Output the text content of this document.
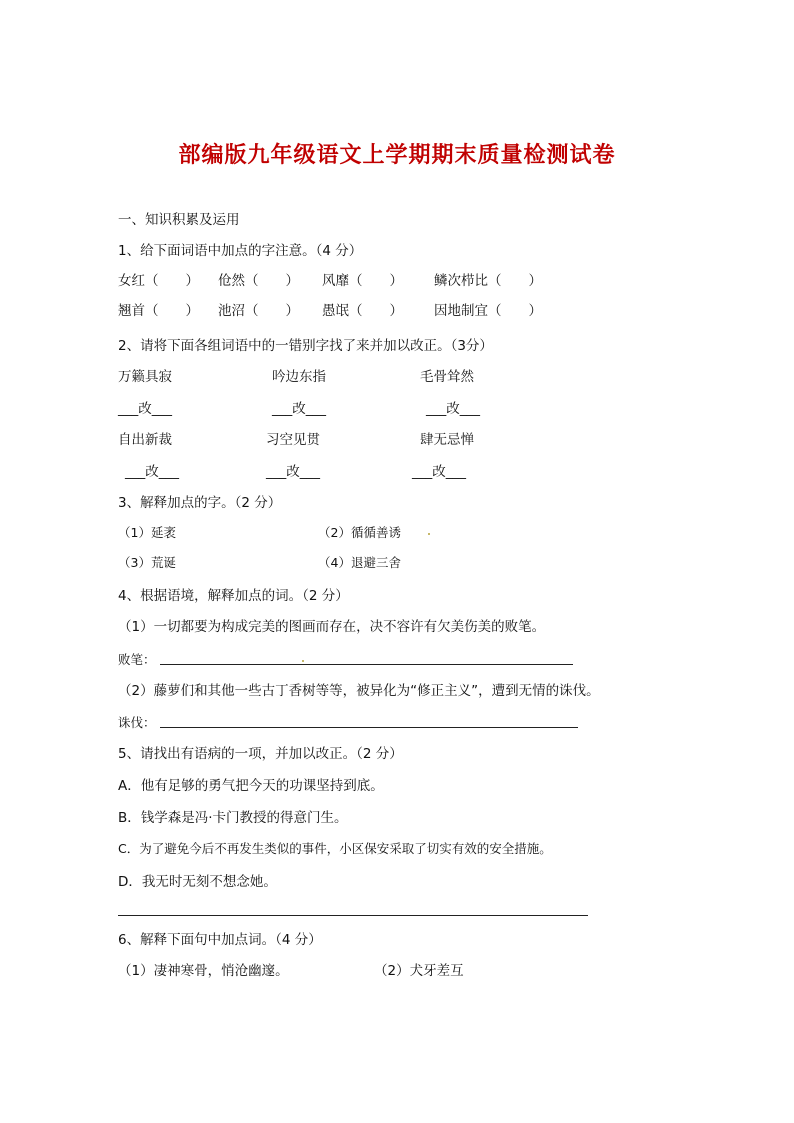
部编版九年级语文上学期期末质量检测试卷
一、知识积累及运用
1、给下面词语中加点的字注意。（4 分）
女红（　　） 伧然（　　） 风靡（　　） 鳞次栉比（　　）
翘首（　　） 池沼（　　） 愚氓（　　） 因地制宜（　　）
2、请将下面各组词语中的一错别字找了来并加以改正。（3分）
万籁具寂	吟边东指	毛骨耸然
___改___	___改___	___改___
自出新裁	习空见贯	肆无忌惮
___改___	___改___	___改___
3、解释加点的字。（2 分）
（1）延袤	（2）循循善诱
（3）荒诞	（4）退避三舍
4、根据语境，解释加点的词。（2 分）
（1）一切都要为构成完美的图画而存在，决不容许有欠美伤美的败笔。
败笔：
（2）藤萝们和其他一些古丁香树等等，被异化为“修正主义”，遭到无情的诛伐。
诛伐：
5、请找出有语病的一项，并加以改正。（2 分）
A．他有足够的勇气把今天的功课坚持到底。
B．钱学森是冯·卡门教授的得意门生。
C．为了避免今后不再发生类似的事件，小区保安采取了切实有效的安全措施。
D．我无时无刻不想念她。
6、解释下面句中加点词。（4 分）
（1）凄神寒骨，悄沧幽邃。	（2）犬牙差互
